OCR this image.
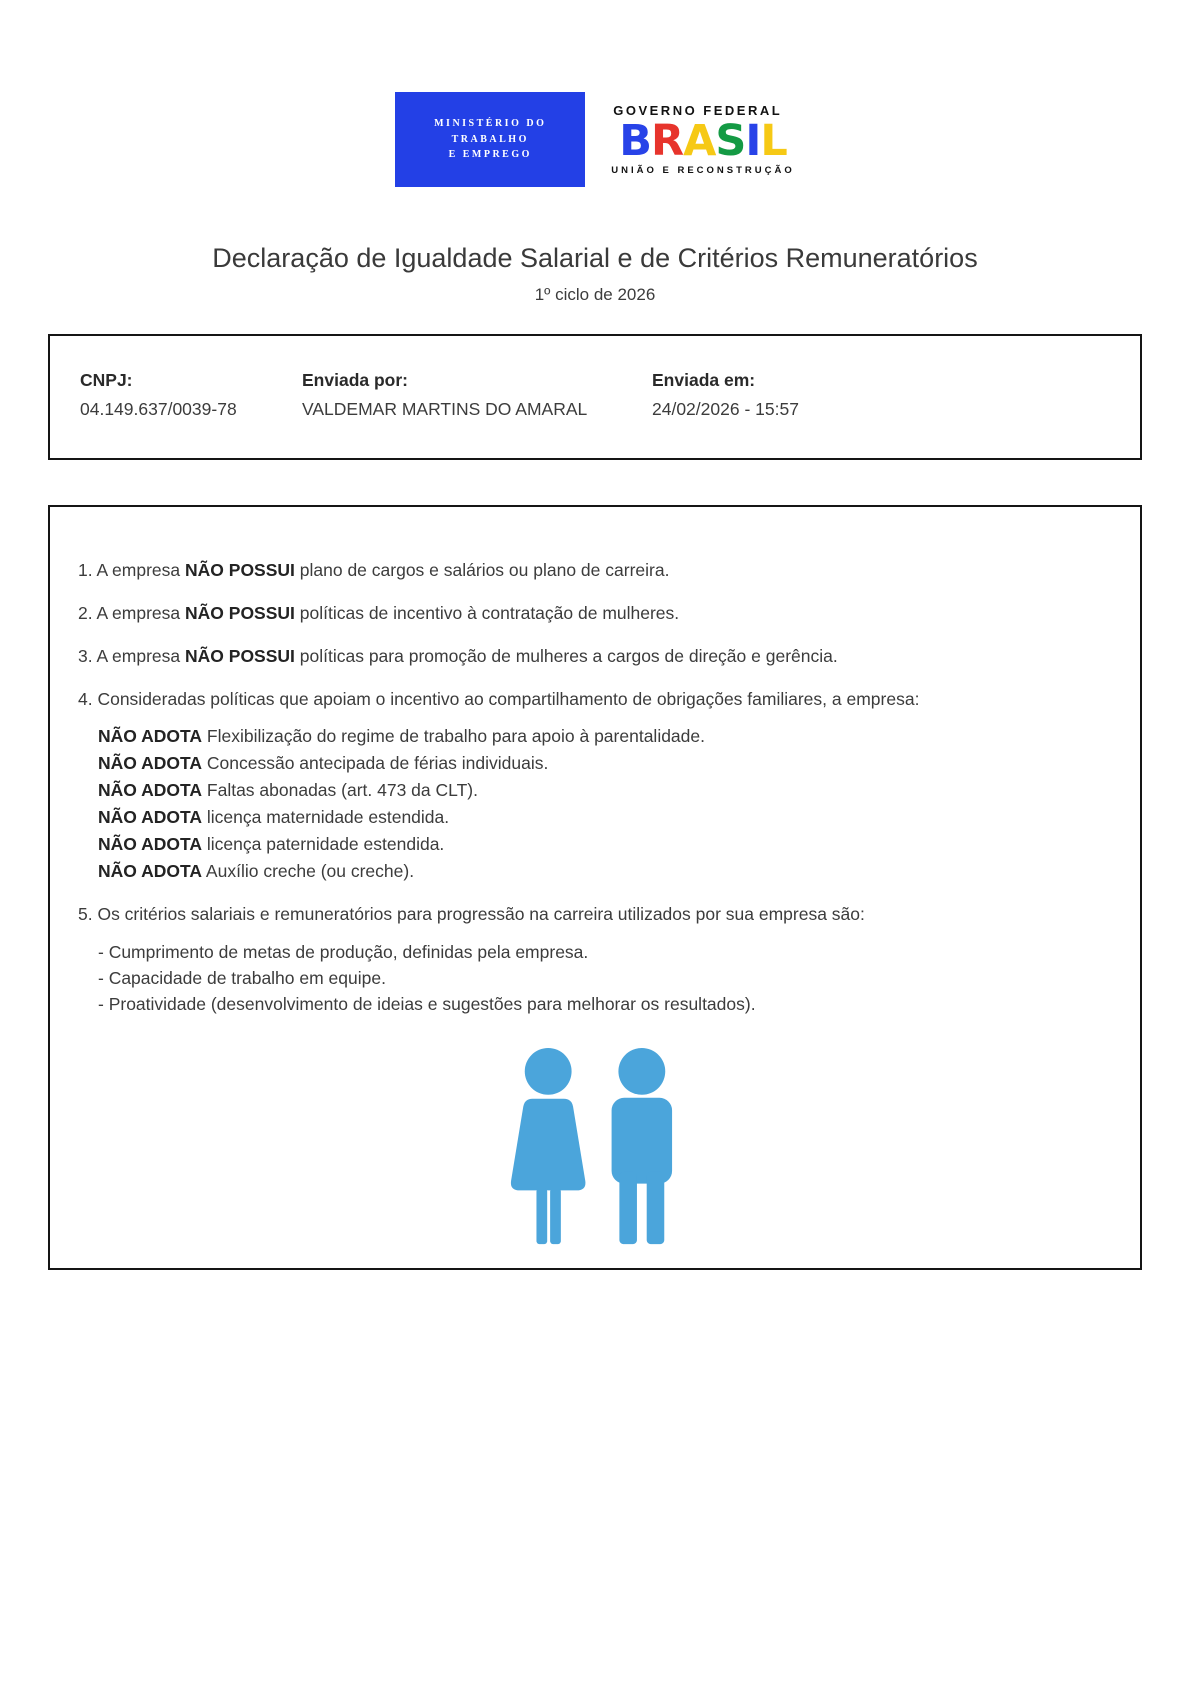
MINISTÉRIO DO
TRABALHO
E EMPREGO
GOVERNO FEDERAL
BRASIL
UNIÃO E RECONSTRUÇÃO
Declaração de Igualdade Salarial e de Critérios Remuneratórios
1º ciclo de 2026
CNPJ:
04.149.637/0039-78
Enviada por:
VALDEMAR MARTINS DO AMARAL
Enviada em:
24/02/2026 - 15:57
1. A empresa NÃO POSSUI plano de cargos e salários ou plano de carreira.
2. A empresa NÃO POSSUI políticas de incentivo à contratação de mulheres.
3. A empresa NÃO POSSUI políticas para promoção de mulheres a cargos de direção e gerência.
4. Consideradas políticas que apoiam o incentivo ao compartilhamento de obrigações familiares, a empresa:
NÃO ADOTA Flexibilização do regime de trabalho para apoio à parentalidade.
NÃO ADOTA Concessão antecipada de férias individuais.
NÃO ADOTA Faltas abonadas (art. 473 da CLT).
NÃO ADOTA licença maternidade estendida.
NÃO ADOTA licença paternidade estendida.
NÃO ADOTA Auxílio creche (ou creche).
5. Os critérios salariais e remuneratórios para progressão na carreira utilizados por sua empresa são:
- Cumprimento de metas de produção, definidas pela empresa.
- Capacidade de trabalho em equipe.
- Proatividade (desenvolvimento de ideias e sugestões para melhorar os resultados).
